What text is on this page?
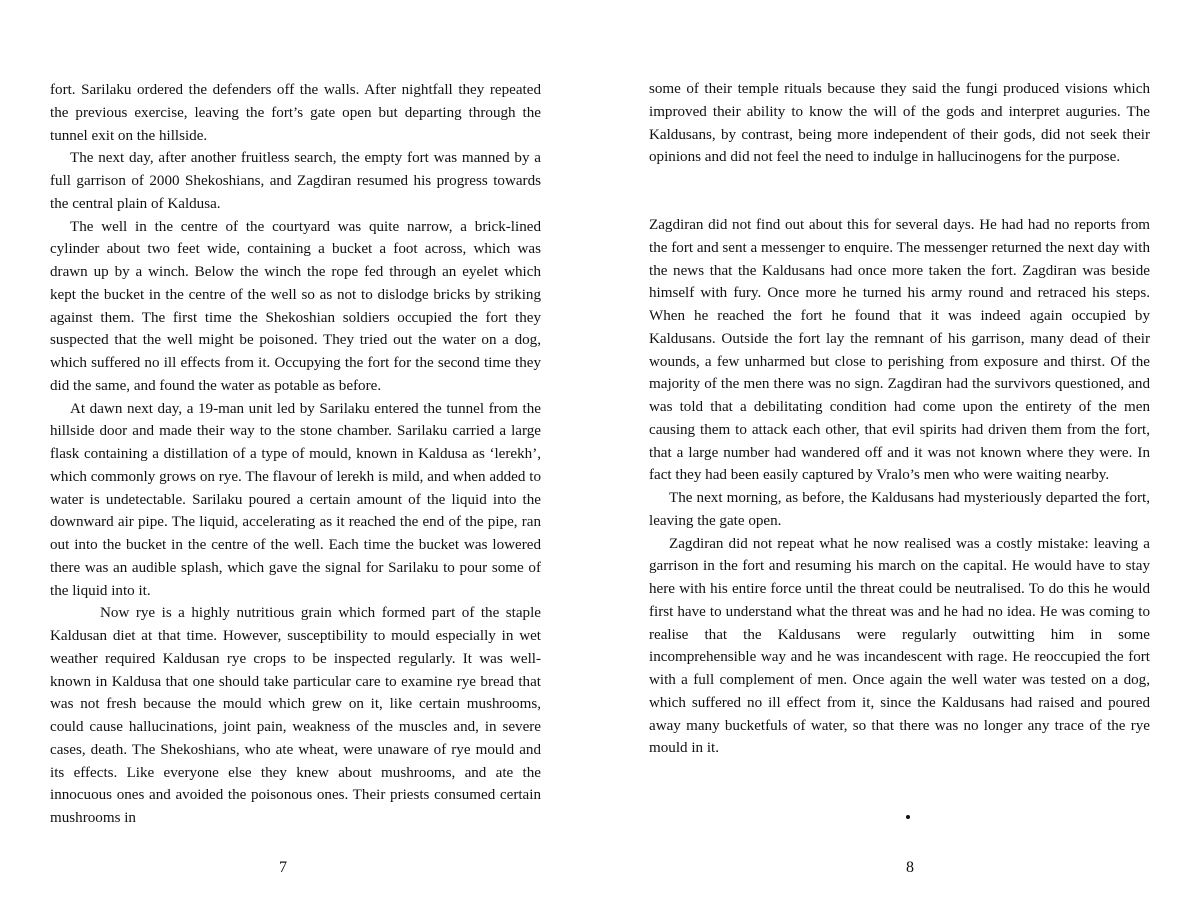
fort. Sarilaku ordered the defenders off the walls. After nightfall they repeated the previous exercise, leaving the fort’s gate open but departing through the tunnel exit on the hillside.

The next day, after another fruitless search, the empty fort was manned by a full garrison of 2000 Shekoshians, and Zagdiran resumed his progress towards the central plain of Kaldusa.

The well in the centre of the courtyard was quite narrow, a brick-lined cylinder about two feet wide, containing a bucket a foot across, which was drawn up by a winch. Below the winch the rope fed through an eyelet which kept the bucket in the centre of the well so as not to dislodge bricks by striking against them. The first time the Shekoshian soldiers occupied the fort they suspected that the well might be poisoned. They tried out the water on a dog, which suffered no ill effects from it. Occupying the fort for the second time they did the same, and found the water as potable as before.

At dawn next day, a 19-man unit led by Sarilaku entered the tunnel from the hillside door and made their way to the stone chamber. Sarilaku carried a large flask containing a distillation of a type of mould, known in Kaldusa as ‘lerekh’, which commonly grows on rye. The flavour of lerekh is mild, and when added to water is undetectable. Sarilaku poured a certain amount of the liquid into the downward air pipe. The liquid, accelerating as it reached the end of the pipe, ran out into the bucket in the centre of the well. Each time the bucket was lowered there was an audible splash, which gave the signal for Sarilaku to pour some of the liquid into it.

Now rye is a highly nutritious grain which formed part of the staple Kaldusan diet at that time. However, susceptibility to mould especially in wet weather required Kaldusan rye crops to be inspected regularly. It was well-known in Kaldusa that one should take particular care to examine rye bread that was not fresh because the mould which grew on it, like certain mushrooms, could cause hallucinations, joint pain, weakness of the muscles and, in severe cases, death. The Shekoshians, who ate wheat, were unaware of rye mould and its effects. Like everyone else they knew about mushrooms, and ate the innocuous ones and avoided the poisonous ones. Their priests consumed certain mushrooms in

7

some of their temple rituals because they said the fungi produced visions which improved their ability to know the will of the gods and interpret auguries. The Kaldusans, by contrast, being more independent of their gods, did not seek their opinions and did not feel the need to indulge in hallucinogens for the purpose.

Zagdiran did not find out about this for several days. He had had no reports from the fort and sent a messenger to enquire. The messenger returned the next day with the news that the Kaldusans had once more taken the fort. Zagdiran was beside himself with fury. Once more he turned his army round and retraced his steps. When he reached the fort he found that it was indeed again occupied by Kaldusans. Outside the fort lay the remnant of his garrison, many dead of their wounds, a few unharmed but close to perishing from exposure and thirst. Of the majority of the men there was no sign. Zagdiran had the survivors questioned, and was told that a debilitating condition had come upon the entirety of the men causing them to attack each other, that evil spirits had driven them from the fort, that a large number had wandered off and it was not known where they were. In fact they had been easily captured by Vralo’s men who were waiting nearby.

The next morning, as before, the Kaldusans had mysteriously departed the fort, leaving the gate open.

Zagdiran did not repeat what he now realised was a costly mistake: leaving a garrison in the fort and resuming his march on the capital. He would have to stay here with his entire force until the threat could be neutralised. To do this he would first have to understand what the threat was and he had no idea. He was coming to realise that the Kaldusans were regularly outwitting him in some incomprehensible way and he was incandescent with rage. He reoccupied the fort with a full complement of men. Once again the well water was tested on a dog, which suffered no ill effect from it, since the Kaldusans had raised and poured away many bucketfuls of water, so that there was no longer any trace of the rye mould in it.

8
